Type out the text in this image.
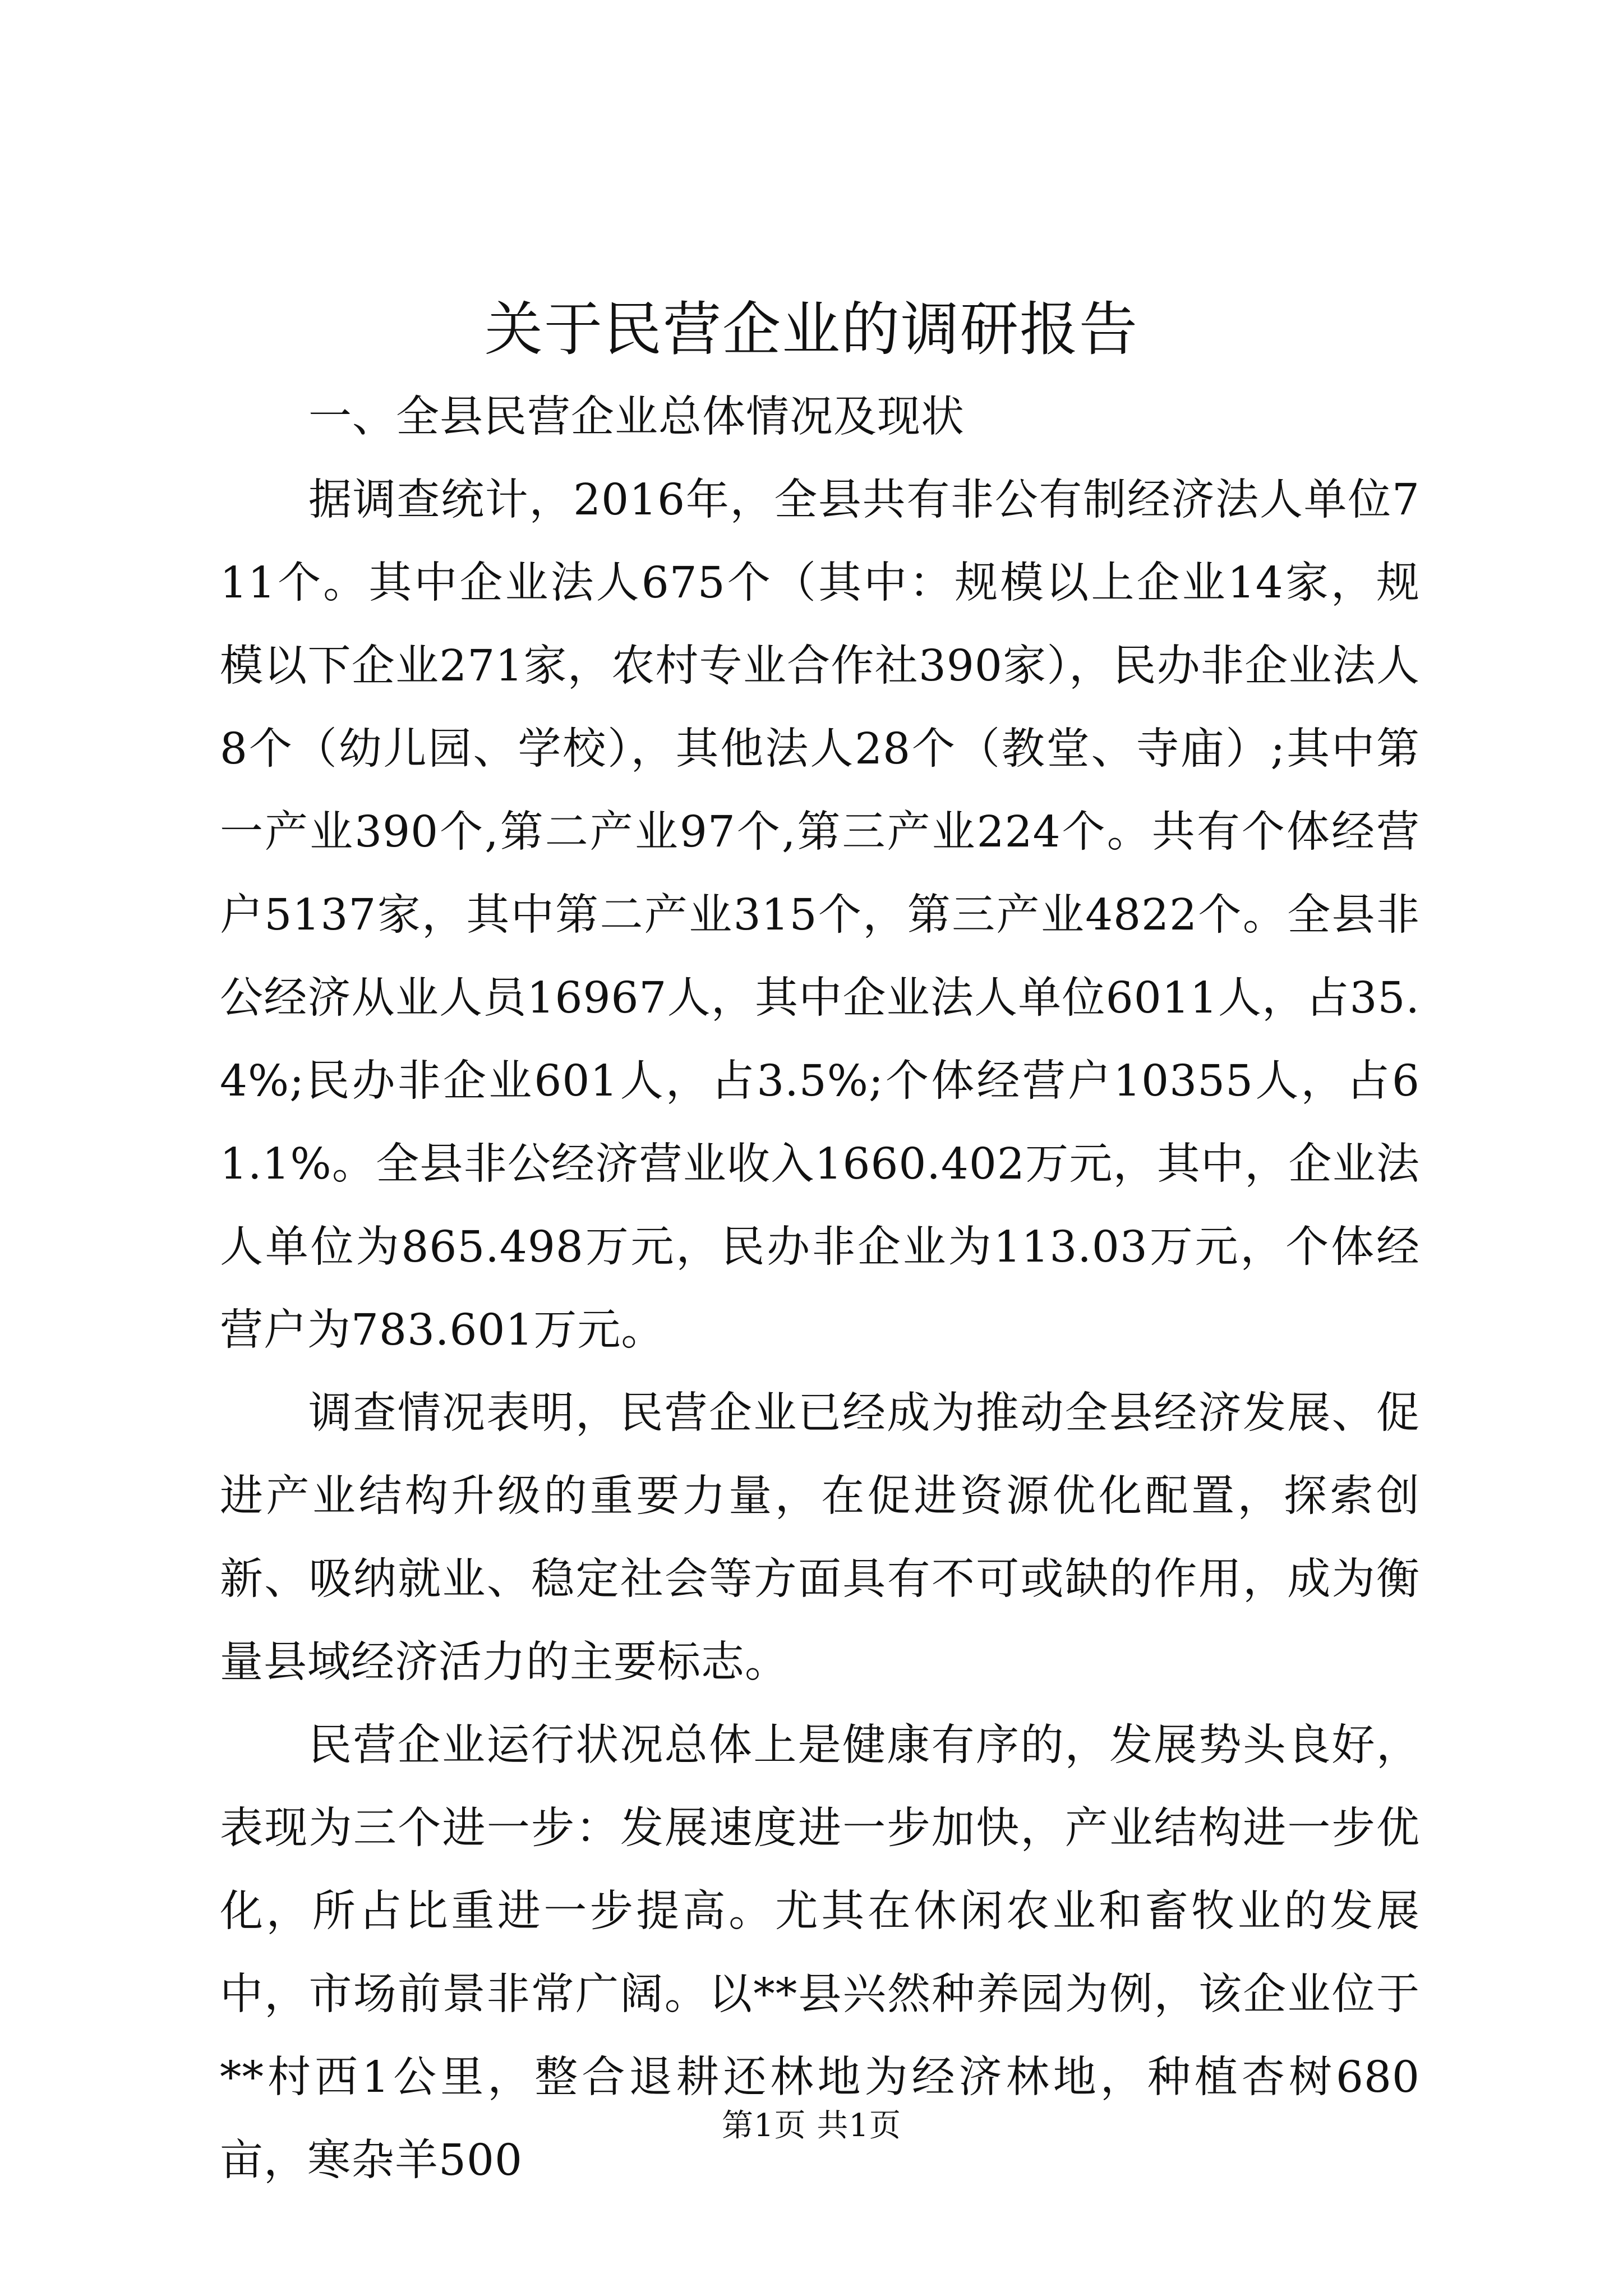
关于民营企业的调研报告

一、全县民营企业总体情况及现状

据调查统计，2016年，全县共有非公有制经济法人单位711个。其中企业法人675个（其中：规模以上企业14家，规模以下企业271家，农村专业合作社390家），民办非企业法人8个（幼儿园、学校），其他法人28个（教堂、寺庙）;其中第一产业390个,第二产业97个,第三产业224个。共有个体经营户5137家，其中第二产业315个，第三产业4822个。全县非公经济从业人员16967人，其中企业法人单位6011人，占35.4%;民办非企业601人，占3.5%;个体经营户10355人，占61.1%。全县非公经济营业收入1660.402万元，其中，企业法人单位为865.498万元，民办非企业为113.03万元，个体经营户为783.601万元。

调查情况表明，民营企业已经成为推动全县经济发展、促进产业结构升级的重要力量，在促进资源优化配置，探索创新、吸纳就业、稳定社会等方面具有不可或缺的作用，成为衡量县域经济活力的主要标志。

民营企业运行状况总体上是健康有序的，发展势头良好，表现为三个进一步：发展速度进一步加快，产业结构进一步优化，所占比重进一步提高。尤其在休闲农业和畜牧业的发展中，市场前景非常广阔。以**县兴然种养园为例，该企业位于**村西1公里，整合退耕还林地为经济林地，种植杏树680亩，寒杂羊500

第1页 共1页
